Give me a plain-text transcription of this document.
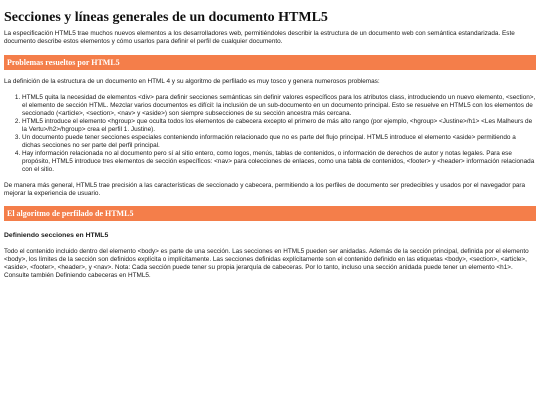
Secciones y líneas generales de un documento HTML5

La especificación HTML5 trae muchos nuevos elementos a los desarrolladores web, permitiéndoles describir la estructura de un documento web con semántica estandarizada. Este documento describe estos elementos y cómo usarlos para definir el perfil de cualquier documento.

Problemas resueltos por HTML5

La definición de la estructura de un documento en HTML 4 y su algoritmo de perfilado es muy tosco y genera numerosos problemas:

1. HTML5 quita la necesidad de elementos <div> para definir secciones semánticas sin definir valores específicos para los atributos class, introduciendo un nuevo elemento, <section>, el elemento de sección HTML. Mezclar varios documentos es difícil: la inclusión de un sub-documento en un documento principal. Esto se resuelve en HTML5 con los elementos de seccionado (<article>, <section>, <nav> y <aside>) son siempre subsecciones de su sección ancestra más cercana.
2. HTML5 introduce el elemento <hgroup> que oculta todos los elementos de cabecera excepto el primero de más alto rango (por ejemplo, <hgroup> <Justine>/h1> <Les Malheurs de la Vertu>/h2>/hgroup> crea el perfil 1. Justine).
3. Un documento puede tener secciones especiales conteniendo información relacionado que no es parte del flujo principal. HTML5 introduce el elemento <aside> permitiendo a dichas secciones no ser parte del perfil principal.
4. Hay información relacionada no al documento pero sí al sitio entero, como logos, menús, tablas de contenidos, o información de derechos de autor y notas legales. Para ese propósito, HTML5 introduce tres elementos de sección específicos: <nav> para colecciones de enlaces, como una tabla de contenidos, <footer> y <header> información relacionada con el sitio.

De manera más general, HTML5 trae precisión a las características de seccionado y cabecera, permitiendo a los perfiles de documento ser predecibles y usados por el navegador para mejorar la experiencia de usuario.

El algoritmo de perfilado de HTML5
Definiendo secciones en HTML5

Todo el contenido incluido dentro del elemento <body> es parte de una sección. Las secciones en HTML5 pueden ser anidadas. Además de la sección principal, definida por el elemento <body>, los límites de la sección son definidos explícita o implícitamente. Las secciones definidas explícitamente son el contenido definido en las etiquetas <body>, <section>, <article>, <aside>, <footer>, <header>, y <nav>. Nota: Cada sección puede tener su propia jerarquía de cabeceras. Por lo tanto, incluso una sección anidada puede tener un elemento <h1>. Consulte también Definiendo cabeceras en HTML5.
